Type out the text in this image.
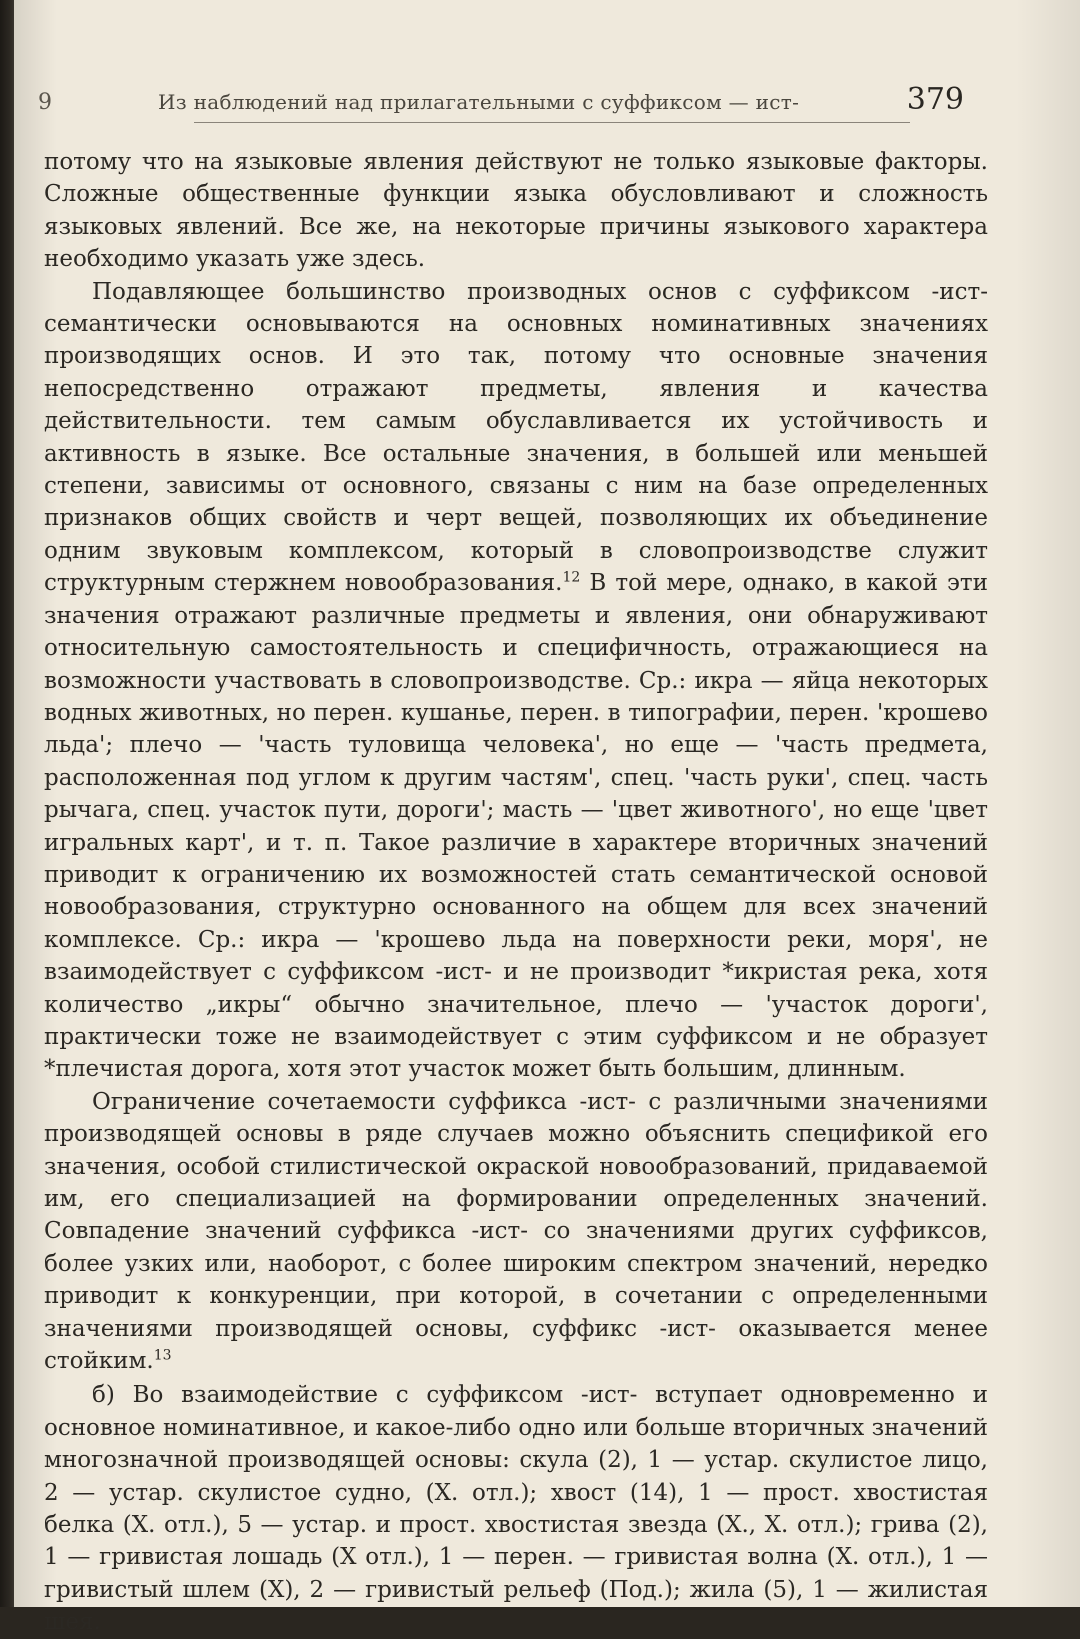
9	Из наблюдений над прилагательными с суффиксом — ист-	379

потому что на языковые явления действуют не только языковые факторы. Сложные общественные функции языка обусловливают и сложность языковых явлений. Все же, на некоторые причины языкового характера необходимо указать уже здесь.

Подавляющее большинство производных основ с суффиксом -ист- семантически основываются на основных номинативных значениях производящих основ. И это так, потому что основные значения непосредственно отражают предметы, явления и качества действительности. тем самым обуславливается их устойчивость и активность в языке. Все остальные значения, в большей или меньшей степени, зависимы от основного, связаны с ним на базе определенных признаков общих свойств и черт вещей, позволяющих их объединение одним звуковым комплексом, который в словопроизводстве служит структурным стержнем новообразования.$^{12}$ В той мере, однако, в какой эти значения отражают различные предметы и явления, они обнаруживают относительную самостоятельность и специфичность, отражающиеся на возможности участвовать в словопроизводстве. Ср.: икра — яйца некоторых водных животных, но перен. кушанье, перен. в типографии, перен. 'крошево льда'; плечо — 'часть туловища человека', но еще — 'часть предмета, расположенная под углом к другим частям', спец. 'часть руки', спец. часть рычага, спец. участок пути, дороги'; масть — 'цвет животного', но еще 'цвет игральных карт', и т. п. Такое различие в характере вторичных значений приводит к ограничению их возможностей стать семантической основой новообразования, структурно основанного на общем для всех значений комплексе. Ср.: икра — 'крошево льда на поверхности реки, моря', не взаимодействует с суффиксом -ист- и не производит *икристая река, хотя количество „икры“ обычно значительное, плечо — 'участок дороги', практически тоже не взаимодействует с этим суффиксом и не образует *плечистая дорога, хотя этот участок может быть большим, длинным.

Ограничение сочетаемости суффикса -ист- с различными значениями производящей основы в ряде случаев можно объяснить спецификой его значения, особой стилистической окраской новообразований, придаваемой им, его специализацией на формировании определенных значений. Совпадение значений суффикса -ист- со значениями других суффиксов, более узких или, наоборот, с более широким спектром значений, нередко приводит к конкуренции, при которой, в сочетании с определенными значениями производящей основы, суффикс -ист- оказывается менее стойким.$^{13}$

б) Во взаимодействие с суффиксом -ист- вступает одновременно и основное номинативное, и какое-либо одно или больше вторичных значений многозначной производящей основы: скула (2), 1 — устар. скулистое лицо, 2 — устар. скулистое судно, (Х. отл.); хвост (14), 1 — прост. хвостистая белка (Х. отл.), 5 — устар. и прост. хвостистая звезда (Х., Х. отл.); грива (2), 1 — гривистая лошадь (Х отл.), 1 — перен. — гривистая волна (Х. отл.), 1 — гривистый шлем (Х), 2 — гривистый рельеф (Под.); жила (5), 1 — жилистая шея.
